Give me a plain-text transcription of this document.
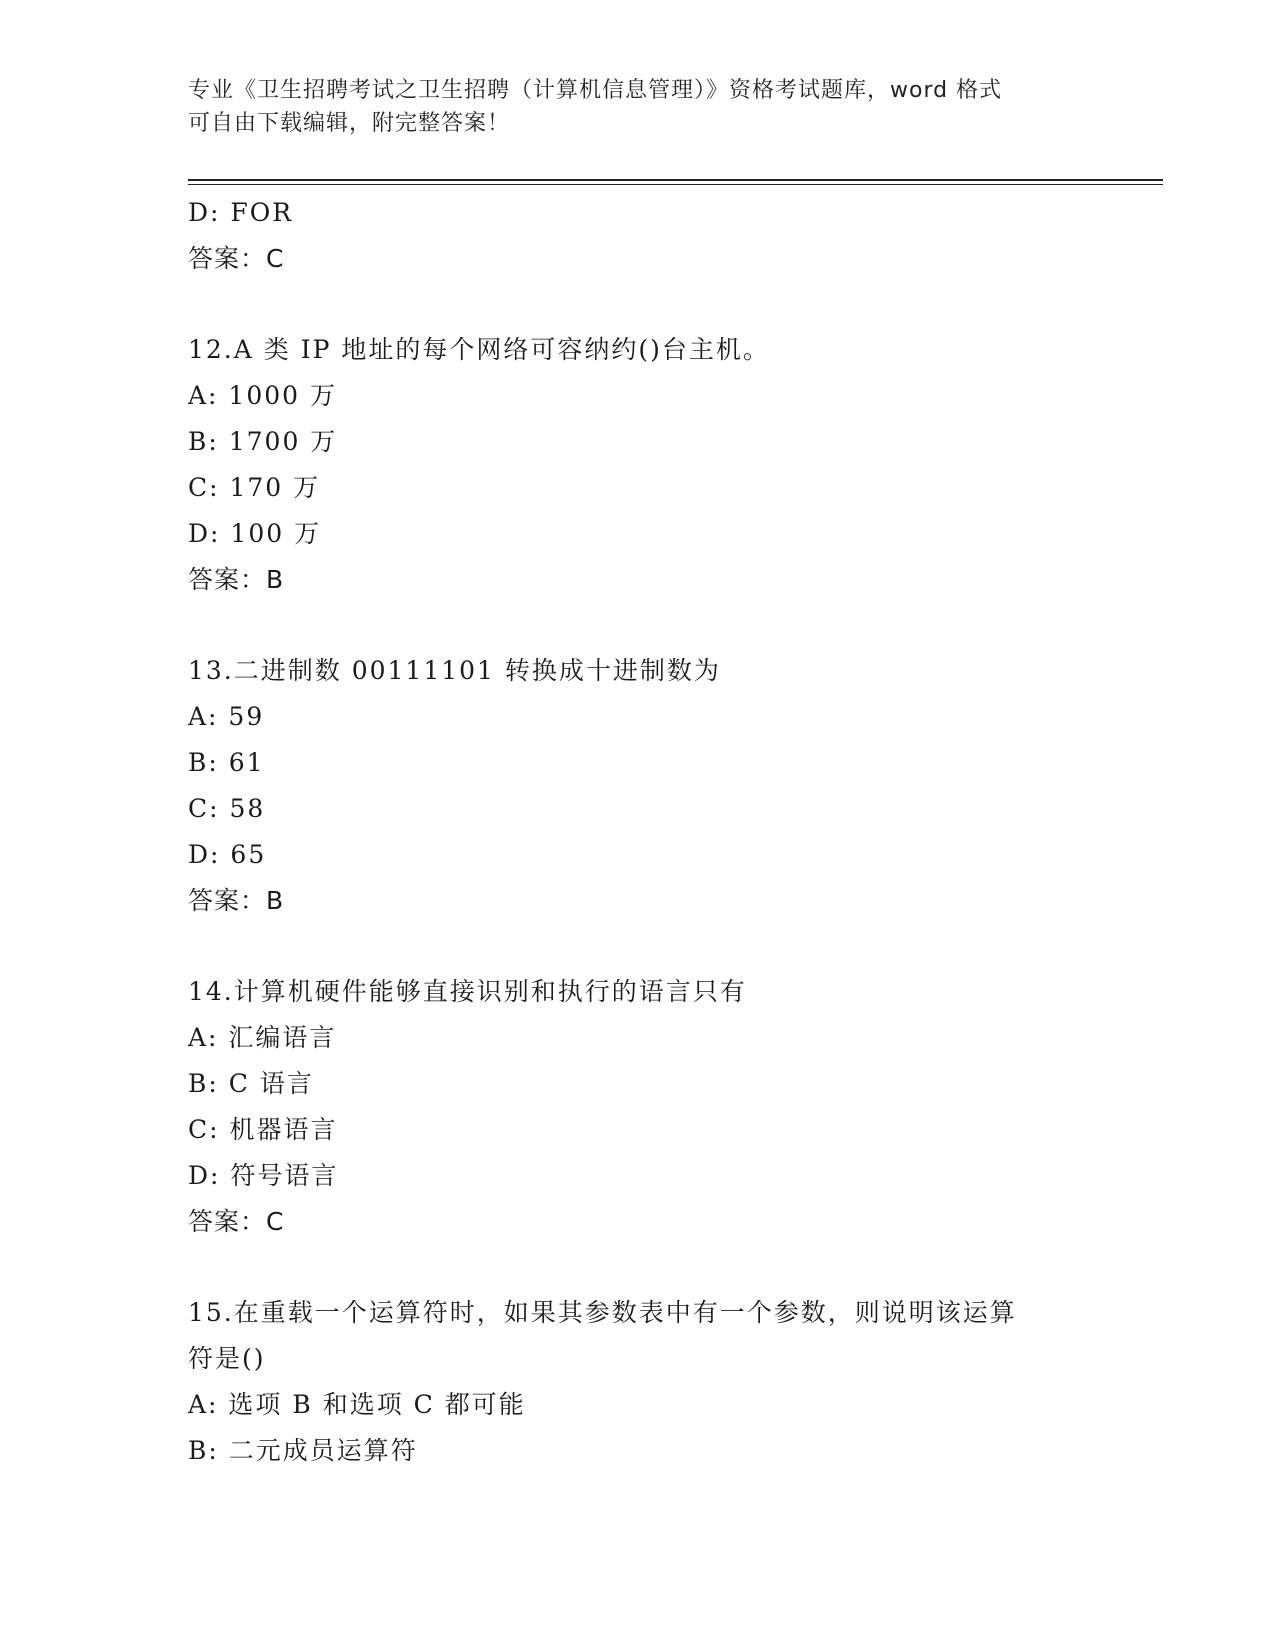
专业《卫生招聘考试之卫生招聘（计算机信息管理）》资格考试题库，word 格式
可自由下载编辑，附完整答案！
D: FOR
答案：C
12.A 类 IP 地址的每个网络可容纳约()台主机。
A: 1000 万
B: 1700 万
C: 170 万
D: 100 万
答案：B
13.二进制数 00111101 转换成十进制数为
A: 59
B: 61
C: 58
D: 65
答案：B
14.计算机硬件能够直接识别和执行的语言只有
A: 汇编语言
B: C 语言
C: 机器语言
D: 符号语言
答案：C
15.在重载一个运算符时，如果其参数表中有一个参数，则说明该运算
符是()
A: 选项 B 和选项 C 都可能
B: 二元成员运算符
